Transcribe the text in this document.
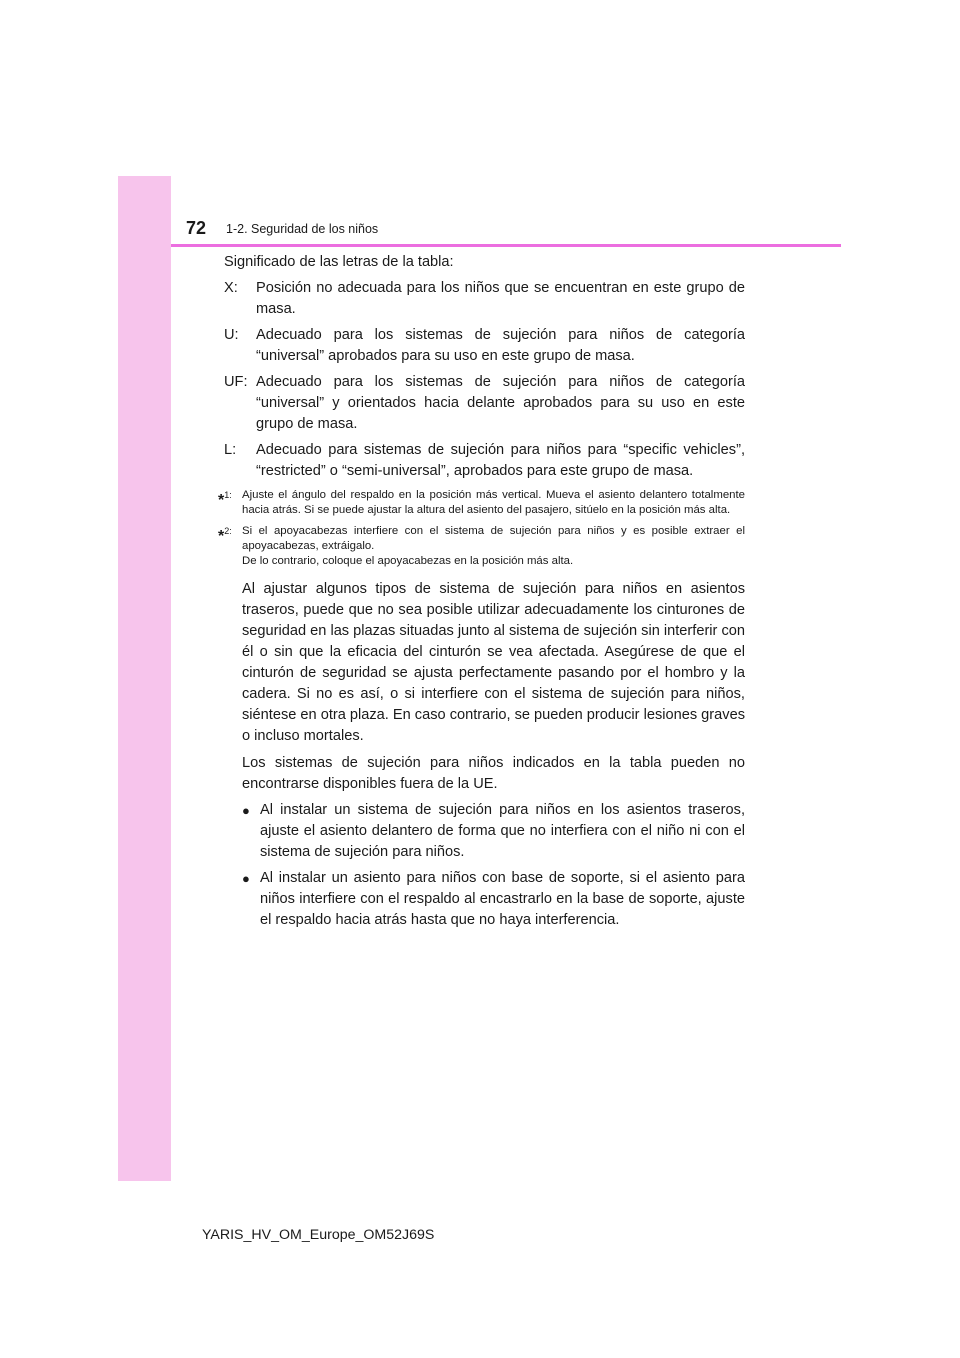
72 1-2. Seguridad de los niños

Significado de las letras de la tabla:

X:	Posición no adecuada para los niños que se encuentran en este grupo de masa.
U:	Adecuado para los sistemas de sujeción para niños de categoría “universal” aprobados para su uso en este grupo de masa.
UF: Adecuado para los sistemas de sujeción para niños de categoría “universal” y orientados hacia delante aprobados para su uso en este grupo de masa.
L:	Adecuado para sistemas de sujeción para niños para “specific vehicles”, “restricted” o “semi-universal”, aprobados para este grupo de masa.
*$^{1:}$ Ajuste el ángulo del respaldo en la posición más vertical. Mueva el asiento delantero totalmente hacia atrás. Si se puede ajustar la altura del asiento del pasajero, sitúelo en la posición más alta.

*$^{2:}$ Si el apoyacabezas interfiere con el sistema de sujeción para niños y es posible extraer el apoyacabezas, extráigalo.

De lo contrario, coloque el apoyacabezas en la posición más alta.

Al ajustar algunos tipos de sistema de sujeción para niños en asientos traseros, puede que no sea posible utilizar adecuadamente los cinturones de seguridad en las plazas situadas junto al sistema de sujeción sin interferir con él o sin que la eficacia del cinturón se vea afectada. Asegúrese de que el cinturón de seguridad se ajusta perfectamente pasando por el hombro y la cadera. Si no es así, o si interfiere con el sistema de sujeción para niños, siéntese en otra plaza. En caso contrario, se pueden producir lesiones graves o incluso mortales.

Los sistemas de sujeción para niños indicados en la tabla pueden no encontrarse disponibles fuera de la UE.

● Al instalar un sistema de sujeción para niños en los asientos traseros, ajuste el asiento delantero de forma que no interfiera con el niño ni con el sistema de sujeción para niños.
● Al instalar un asiento para niños con base de soporte, si el asiento para niños interfiere con el respaldo al encastrarlo en la base de soporte, ajuste el respaldo hacia atrás hasta que no haya interferencia.
YARIS_HV_OM_Europe_OM52J69S
